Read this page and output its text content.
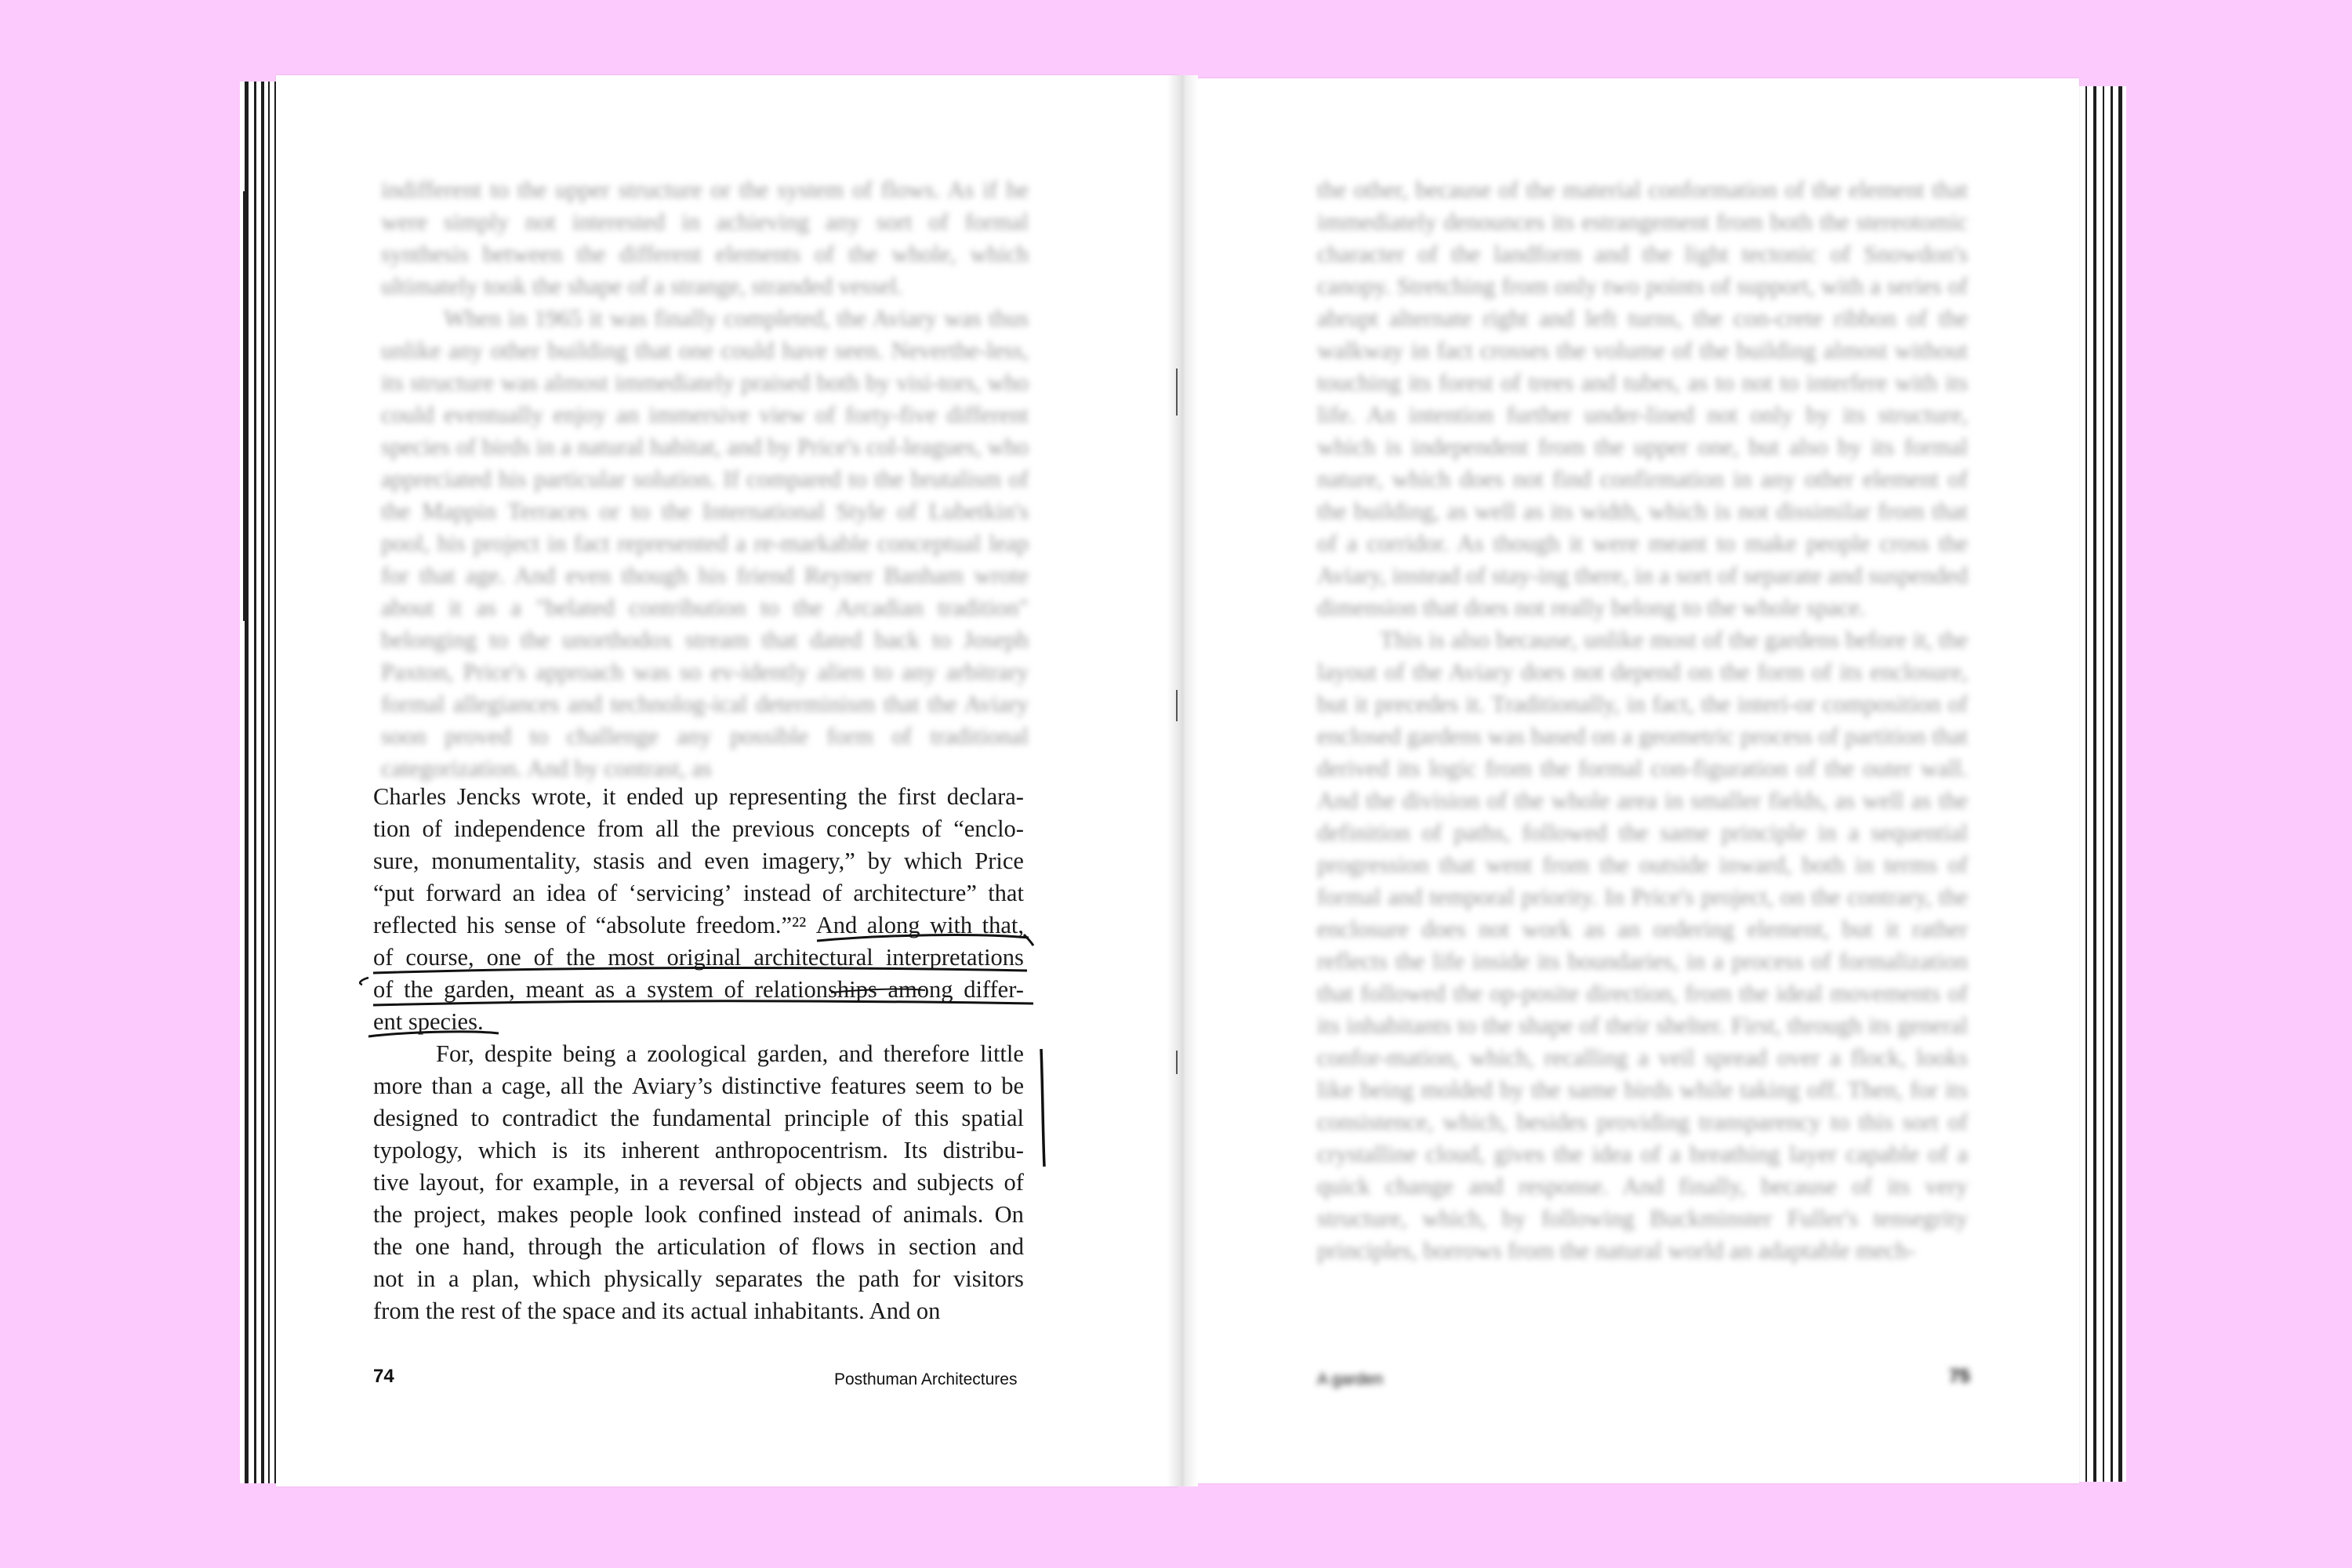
indifferent to the upper structure or the system of flows. As if he were simply not interested in achieving any sort of formal synthesis between the different elements of the whole, which ultimately took the shape of a strange, stranded vessel.

When in 1965 it was finally completed, the Aviary was thus unlike any other building that one could have seen. Neverthe-less, its structure was almost immediately praised both by visi-tors, who could eventually enjoy an immersive view of forty-five different species of birds in a natural habitat, and by Price's col-leagues, who appreciated his particular solution. If compared to the brutalism of the Mappin Terraces or to the International Style of Lubetkin's pool, his project in fact represented a re-markable conceptual leap for that age. And even though his friend Reyner Banham wrote about it as a "belated contribution to the Arcadian tradition" belonging to the unorthodox stream that dated back to Joseph Paxton, Price's approach was so ev-idently alien to any arbitrary formal allegiances and technolog-ical determinism that the Aviary soon proved to challenge any possible form of traditional categorization. And by contrast, as

Charles Jencks wrote, it ended up representing the first declara-
tion of independence from all the previous concepts of “enclo-
sure, monumentality, stasis and even imagery,” by which Price
“put forward an idea of ‘servicing’ instead of architecture” that
reflected his sense of “absolute freedom.”²² And along with that,
of course, one of the most original architectural interpretations
of the garden, meant as a system of relationships among differ-
ent species.
For, despite being a zoological garden, and therefore little
more than a cage, all the Aviary’s distinctive features seem to be
designed to contradict the fundamental principle of this spatial
typology, which is its inherent anthropocentrism. Its distribu-
tive layout, for example, in a reversal of objects and subjects of
the project, makes people look confined instead of animals. On
the one hand, through the articulation of flows in section and
not in a plan, which physically separates the path for visitors
from the rest of the space and its actual inhabitants. And on
74	Posthuman Architectures

the other, because of the material conformation of the element that immediately denounces its estrangement from both the stereotomic character of the landform and the light tectonic of Snowdon's canopy. Stretching from only two points of support, with a series of abrupt alternate right and left turns, the con-crete ribbon of the walkway in fact crosses the volume of the building almost without touching its forest of trees and tubes, as to not to interfere with its life. An intention further under-lined not only by its structure, which is independent from the upper one, but also by its formal nature, which does not find confirmation in any other element of the building, as well as its width, which is not dissimilar from that of a corridor. As though it were meant to make people cross the Aviary, instead of stay-ing there, in a sort of separate and suspended dimension that does not really belong to the whole space.

This is also because, unlike most of the gardens before it, the layout of the Aviary does not depend on the form of its enclosure, but it precedes it. Traditionally, in fact, the interi-or composition of enclosed gardens was based on a geometric process of partition that derived its logic from the formal con-figuration of the outer wall. And the division of the whole area in smaller fields, as well as the definition of paths, followed the same principle in a sequential progression that went from the outside inward, both in terms of formal and temporal priority. In Price's project, on the contrary, the enclosure does not work as an ordering element, but it rather reflects the life inside its boundaries, in a process of formalization that followed the op-posite direction, from the ideal movements of its inhabitants to the shape of their shelter. First, through its general confor-mation, which, recalling a veil spread over a flock, looks like being molded by the same birds while taking off. Then, for its consistence, which, besides providing transparency to this sort of crystalline cloud, gives the idea of a breathing layer capable of a quick change and response. And finally, because of its very structure, which, by following Buckminster Fuller's tensegrity principles, borrows from the natural world an adaptable mech-

A garden	75
